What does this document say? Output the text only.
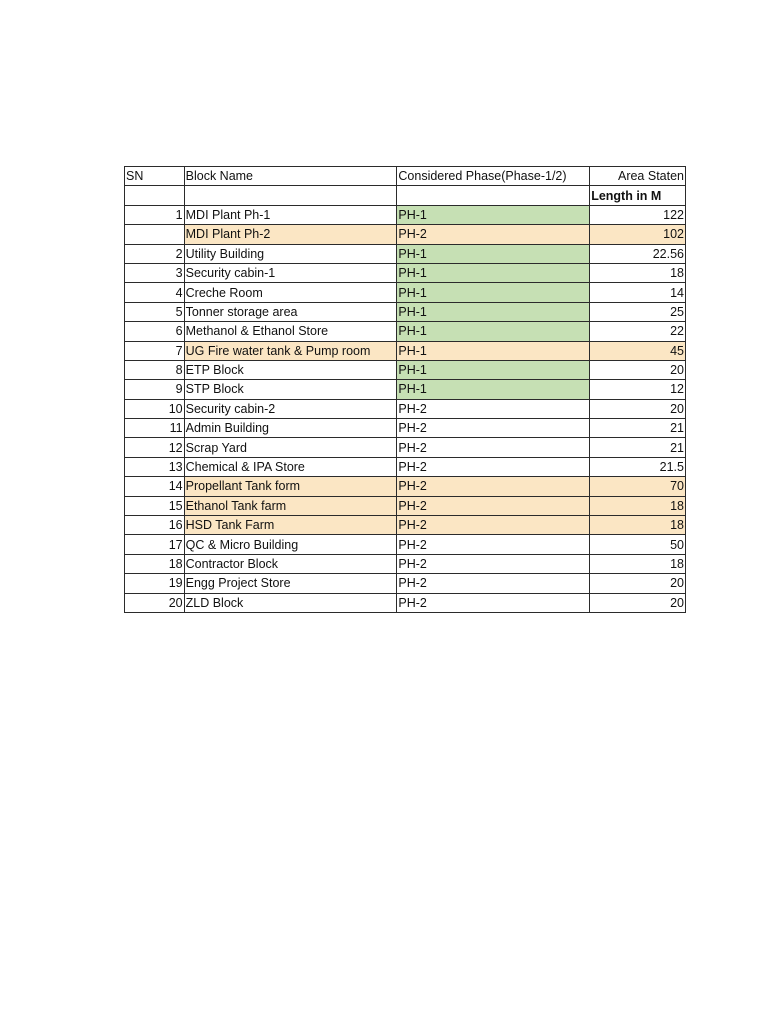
SN	Block Name	Considered Phase(Phase-1/2)	Area Staten
			Length in M
1	MDI Plant Ph-1	PH-1	122
	MDI Plant Ph-2	PH-2	102
2	Utility Building	PH-1	22.56
3	Security cabin-1	PH-1	18
4	Creche Room	PH-1	14
5	Tonner storage area	PH-1	25
6	Methanol & Ethanol Store	PH-1	22
7	UG Fire water tank & Pump room	PH-1	45
8	ETP Block	PH-1	20
9	STP Block	PH-1	12
10	Security cabin-2	PH-2	20
11	Admin Building	PH-2	21
12	Scrap Yard	PH-2	21
13	Chemical & IPA Store	PH-2	21.5
14	Propellant Tank form	PH-2	70
15	Ethanol Tank farm	PH-2	18
16	HSD Tank Farm	PH-2	18
17	QC & Micro Building	PH-2	50
18	Contractor Block	PH-2	18
19	Engg Project Store	PH-2	20
20	ZLD Block	PH-2	20
